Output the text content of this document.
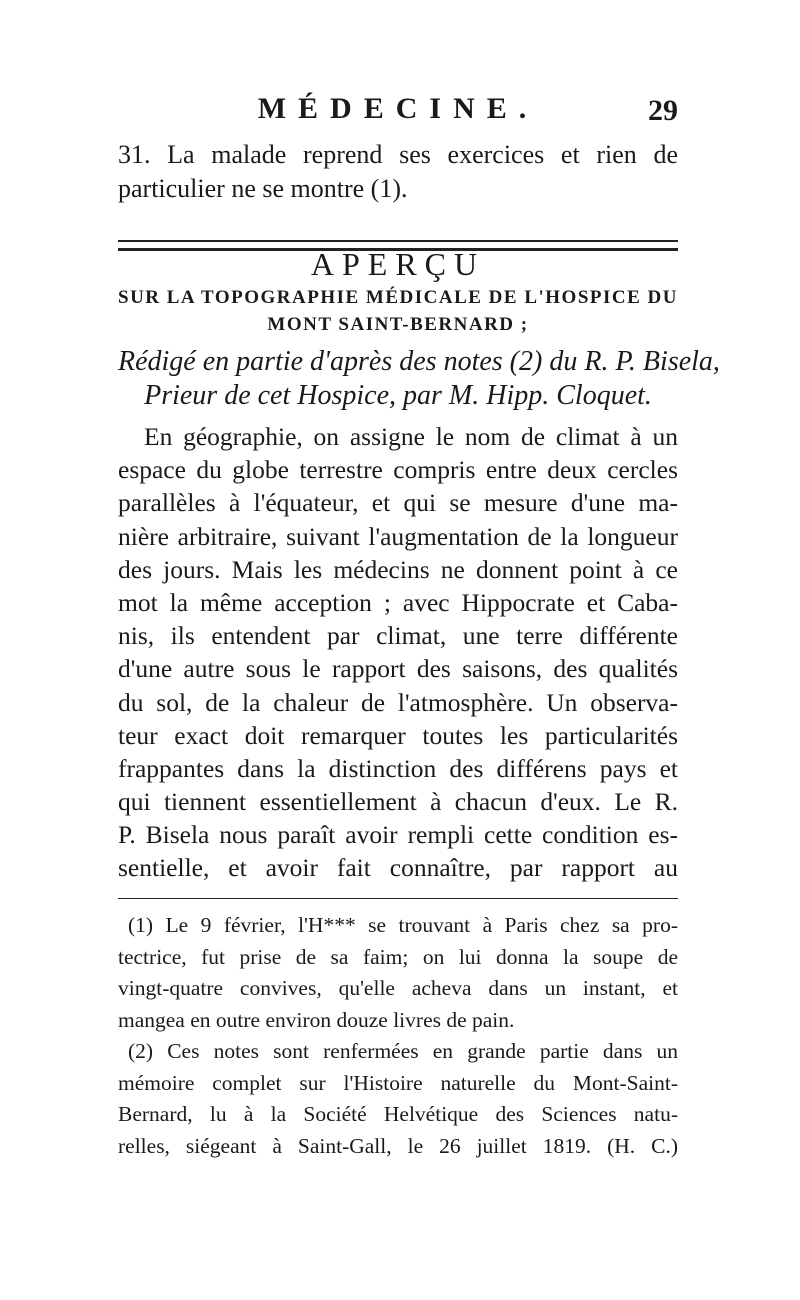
MÉDECINE.	29
31. La malade reprend ses exercices et rien de
particulier ne se montre (1).
APERÇU
SUR LA TOPOGRAPHIE MÉDICALE DE L'HOSPICE DU
MONT SAINT-BERNARD ;
Rédigé en partie d'après des notes (2) du R. P. Bisela,
Prieur de cet Hospice, par M. Hipp. Cloquet.
En géographie, on assigne le nom de climat à un
espace du globe terrestre compris entre deux cercles
parallèles à l'équateur, et qui se mesure d'une ma-
nière arbitraire, suivant l'augmentation de la longueur
des jours. Mais les médecins ne donnent point à ce
mot la même acception ; avec Hippocrate et Caba-
nis, ils entendent par climat, une terre différente
d'une autre sous le rapport des saisons, des qualités
du sol, de la chaleur de l'atmosphère. Un observa-
teur exact doit remarquer toutes les particularités
frappantes dans la distinction des différens pays et
qui tiennent essentiellement à chacun d'eux. Le R.
P. Bisela nous paraît avoir rempli cette condition es-
sentielle, et avoir fait connaître, par rapport au
(1) Le 9 février, l'H*** se trouvant à Paris chez sa pro-
tectrice, fut prise de sa faim; on lui donna la soupe de
vingt-quatre convives, qu'elle acheva dans un instant, et
mangea en outre environ douze livres de pain.
(2) Ces notes sont renfermées en grande partie dans un
mémoire complet sur l'Histoire naturelle du Mont-Saint-
Bernard, lu à la Société Helvétique des Sciences natu-
relles, siégeant à Saint-Gall, le 26 juillet 1819. (H. C.)
